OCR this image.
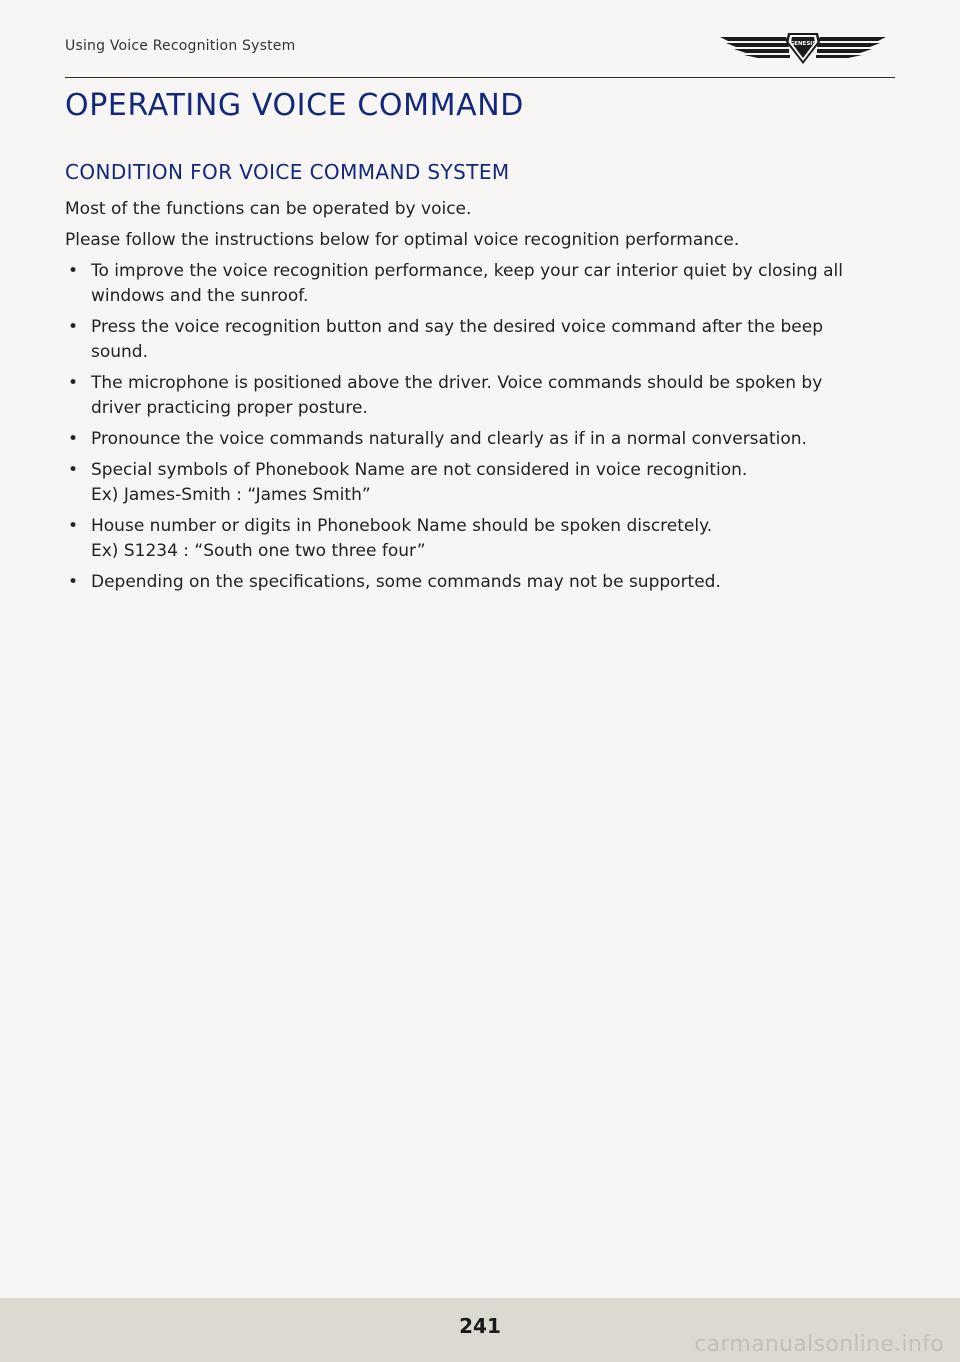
Using Voice Recognition System	GENESIS
OPERATING VOICE COMMAND
CONDITION FOR VOICE COMMAND SYSTEM

Most of the functions can be operated by voice.

Please follow the instructions below for optimal voice recognition performance.

• To improve the voice recognition performance, keep your car interior quiet by closing all
windows and the sunroof.
• Press the voice recognition button and say the desired voice command after the beep
sound.
• The microphone is positioned above the driver. Voice commands should be spoken by
driver practicing proper posture.
• Pronounce the voice commands naturally and clearly as if in a normal conversation.
• Special symbols of Phonebook Name are not considered in voice recognition.
Ex) James-Smith : “James Smith”
• House number or digits in Phonebook Name should be spoken discretely.
Ex) S1234 : “South one two three four”
• Depending on the specifications, some commands may not be supported.
241
carmanualsonline.info
